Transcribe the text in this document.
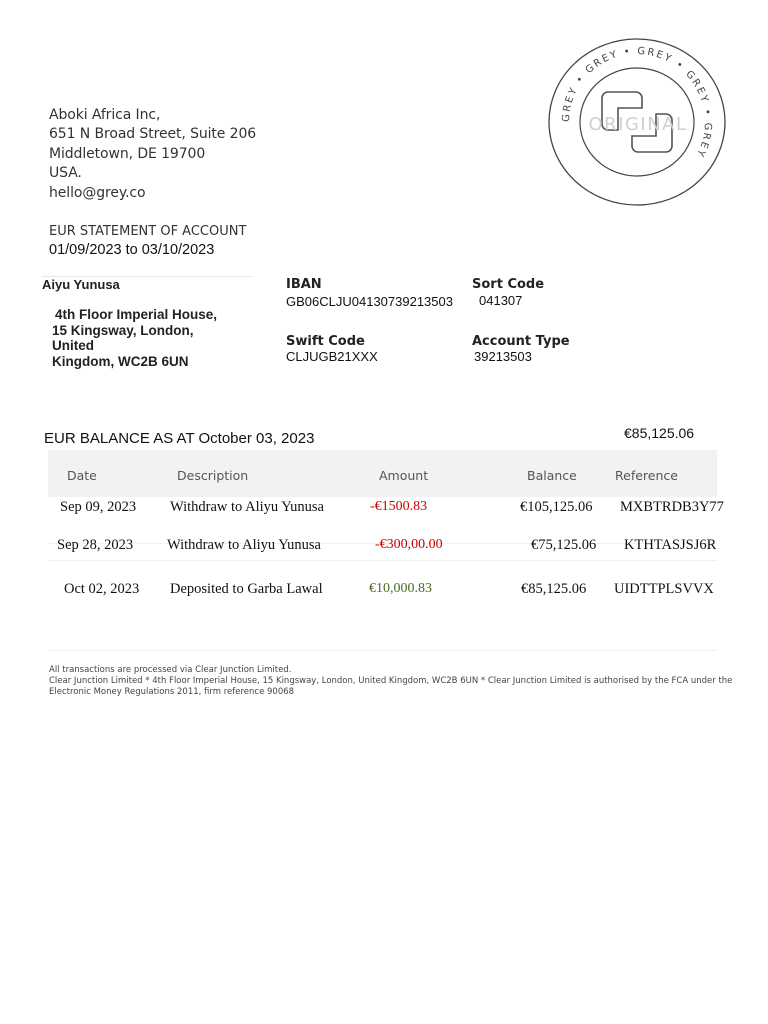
Aboki Africa Inc,
651 N Broad Street, Suite 206
Middletown, DE 19700
USA.
hello@grey.co
EUR STATEMENT OF ACCOUNT
01/09/2023 to 03/10/2023
GREY • GREY • GREY • GREY • GREY
ORIGINAL
Aiyu Yunusa
4th Floor Imperial House,
15 Kingsway, London,
United
Kingdom, WC2B 6UN
IBAN
GB06CLJU04130739213503
Sort Code
041307
Swift Code
CLJUGB21XXX
Account Type
39213503
EUR BALANCE AS AT October 03, 2023	€85,125.06
Date	Description	Amount	Balance	Reference
Sep 09, 2023 Withdraw to Aliyu Yunusa	-€1500.83	€105,125.06 MXBTRDB3Y77
Sep 28, 2023 Withdraw to Aliyu Yunusa	-€300,00.00	€75,125.06 KTHTASJSJ6R
Oct 02, 2023 Deposited to Garba Lawal	€10,000.83	€85,125.06 UIDTTPLSVVX
All transactions are processed via Clear Junction Limited.
Clear Junction Limited * 4th Floor Imperial House, 15 Kingsway, London, United Kingdom, WC2B 6UN * Clear Junction Limited is authorised by the FCA under the
Electronic Money Regulations 2011, firm reference 90068
